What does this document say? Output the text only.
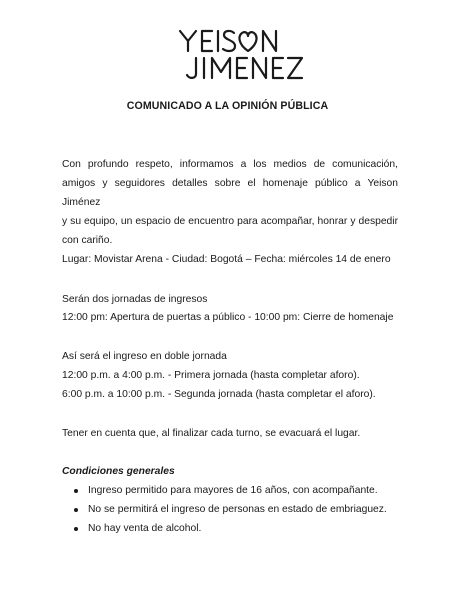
COMUNICADO A LA OPINIÓN PÚBLICA

Con profundo respeto, informamos a los medios de comunicación,
amigos y seguidores detalles sobre el homenaje público a Yeison Jiménez
y su equipo, un espacio de encuentro para acompañar, honrar y despedir
con cariño.

Lugar: Movistar Arena - Ciudad: Bogotá – Fecha: miércoles 14 de enero

Serán dos jornadas de ingresos

12:00 pm: Apertura de puertas a público - 10:00 pm: Cierre de homenaje

Así será el ingreso en doble jornada

12:00 p.m. a 4:00 p.m. - Primera jornada (hasta completar aforo).

6:00 p.m. a 10:00 p.m. - Segunda jornada (hasta completar el aforo).

Tener en cuenta que, al finalizar cada turno, se evacuará el lugar.

Condiciones generales

Ingreso permitido para mayores de 16 años, con acompañante.
No se permitirá el ingreso de personas en estado de embriaguez.
No hay venta de alcohol.
